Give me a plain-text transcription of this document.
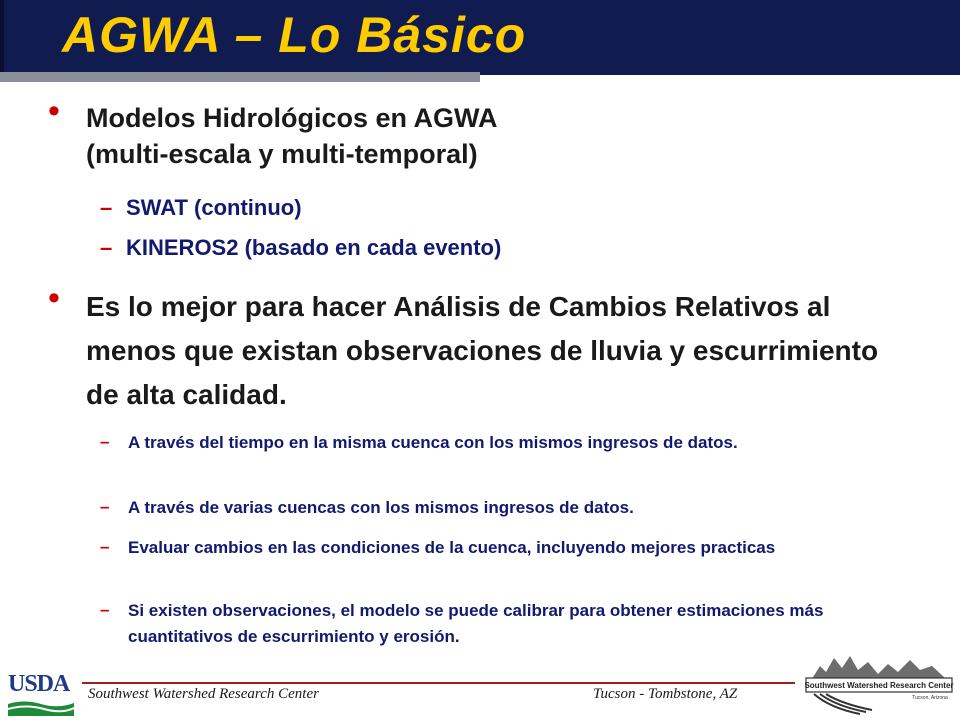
AGWA – Lo Básico
• Modelos Hidrológicos en AGWA
(multi-escala y multi-temporal)
– SWAT (continuo)
– KINEROS2 (basado en cada evento)
• Es lo mejor para hacer Análisis de Cambios Relativos al menos que existan observaciones de lluvia y escurrimiento de alta calidad.
– A través del tiempo en la misma cuenca con los mismos ingresos de datos.
– A través de varias cuencas con los mismos ingresos de datos.
– Evaluar cambios en las condiciones de la cuenca, incluyendo mejores practicas
– Si existen observaciones, el modelo se puede calibrar para obtener estimaciones más cuantitativos de escurrimiento y erosión.
USDA Southwest Watershed Research Center	Tucson - Tombstone, AZ
Southwest Watershed Research Center
Tucson, Arizona
